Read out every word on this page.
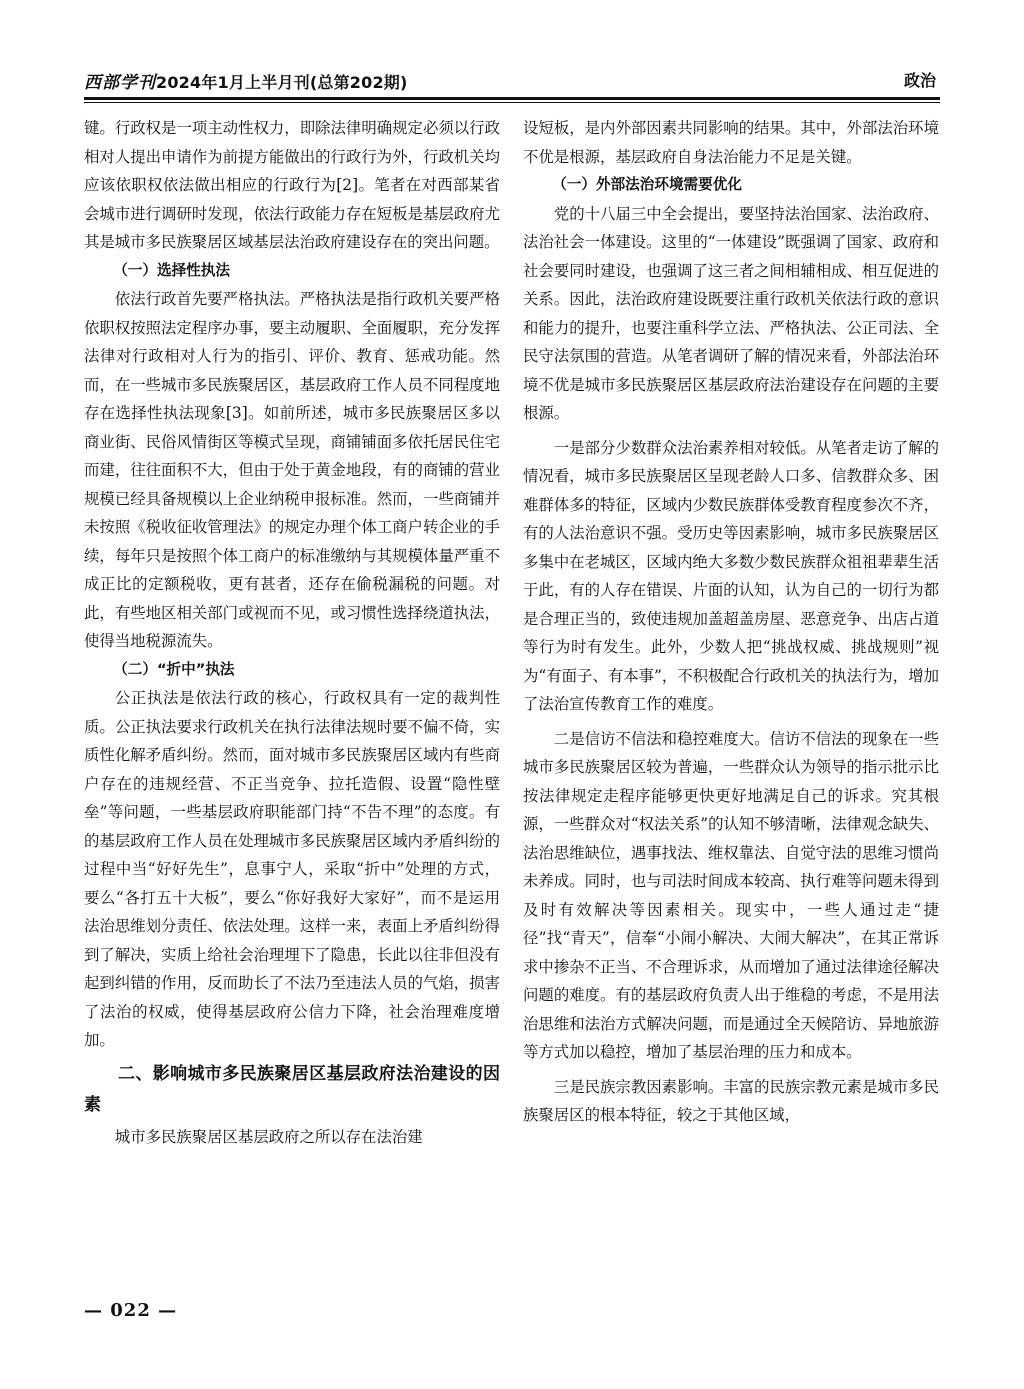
西部学刊2024年1月上半月刊(总第202期)	政治

键。行政权是一项主动性权力，即除法律明确规定必须以行政相对人提出申请作为前提方能做出的行政行为外，行政机关均应该依职权依法做出相应的行政行为[2]。笔者在对西部某省会城市进行调研时发现，依法行政能力存在短板是基层政府尤其是城市多民族聚居区域基层法治政府建设存在的突出问题。

（一）选择性执法

依法行政首先要严格执法。严格执法是指行政机关要严格依职权按照法定程序办事，要主动履职、全面履职，充分发挥法律对行政相对人行为的指引、评价、教育、惩戒功能。然而，在一些城市多民族聚居区，基层政府工作人员不同程度地存在选择性执法现象[3]。如前所述，城市多民族聚居区多以商业街、民俗风情街区等模式呈现，商铺铺面多依托居民住宅而建，往往面积不大，但由于处于黄金地段，有的商铺的营业规模已经具备规模以上企业纳税申报标准。然而，一些商铺并未按照《税收征收管理法》的规定办理个体工商户转企业的手续，每年只是按照个体工商户的标准缴纳与其规模体量严重不成正比的定额税收，更有甚者，还存在偷税漏税的问题。对此，有些地区相关部门或视而不见，或习惯性选择绕道执法，使得当地税源流失。

（二）“折中”执法

公正执法是依法行政的核心，行政权具有一定的裁判性质。公正执法要求行政机关在执行法律法规时要不偏不倚，实质性化解矛盾纠纷。然而，面对城市多民族聚居区域内有些商户存在的违规经营、不正当竞争、拉托造假、设置“隐性壁垒”等问题，一些基层政府职能部门持“不告不理”的态度。有的基层政府工作人员在处理城市多民族聚居区域内矛盾纠纷的过程中当“好好先生”，息事宁人，采取“折中”处理的方式，要么“各打五十大板”，要么“你好我好大家好”，而不是运用法治思维划分责任、依法处理。这样一来，表面上矛盾纠纷得到了解决，实质上给社会治理埋下了隐患，长此以往非但没有起到纠错的作用，反而助长了不法乃至违法人员的气焰，损害了法治的权威，使得基层政府公信力下降，社会治理难度增加。

二、影响城市多民族聚居区基层政府法治建设的因素

城市多民族聚居区基层政府之所以存在法治建

设短板，是内外部因素共同影响的结果。其中，外部法治环境不优是根源，基层政府自身法治能力不足是关键。

（一）外部法治环境需要优化

党的十八届三中全会提出，要坚持法治国家、法治政府、法治社会一体建设。这里的“一体建设”既强调了国家、政府和社会要同时建设，也强调了这三者之间相辅相成、相互促进的关系。因此，法治政府建设既要注重行政机关依法行政的意识和能力的提升，也要注重科学立法、严格执法、公正司法、全民守法氛围的营造。从笔者调研了解的情况来看，外部法治环境不优是城市多民族聚居区基层政府法治建设存在问题的主要根源。

一是部分少数群众法治素养相对较低。从笔者走访了解的情况看，城市多民族聚居区呈现老龄人口多、信教群众多、困难群体多的特征，区域内少数民族群体受教育程度参次不齐，有的人法治意识不强。受历史等因素影响，城市多民族聚居区多集中在老城区，区域内绝大多数少数民族群众祖祖辈辈生活于此，有的人存在错误、片面的认知，认为自己的一切行为都是合理正当的，致使违规加盖超盖房屋、恶意竞争、出店占道等行为时有发生。此外，少数人把“挑战权威、挑战规则”视为“有面子、有本事”，不积极配合行政机关的执法行为，增加了法治宣传教育工作的难度。

二是信访不信法和稳控难度大。信访不信法的现象在一些城市多民族聚居区较为普遍，一些群众认为领导的指示批示比按法律规定走程序能够更快更好地满足自己的诉求。究其根源，一些群众对“权法关系”的认知不够清晰，法律观念缺失、法治思维缺位，遇事找法、维权靠法、自觉守法的思维习惯尚未养成。同时，也与司法时间成本较高、执行难等问题未得到及时有效解决等因素相关。现实中，一些人通过走“捷径”找“青天”，信奉“小闹小解决、大闹大解决”，在其正常诉求中掺杂不正当、不合理诉求，从而增加了通过法律途径解决问题的难度。有的基层政府负责人出于维稳的考虑，不是用法治思维和法治方式解决问题，而是通过全天候陪访、异地旅游等方式加以稳控，增加了基层治理的压力和成本。

三是民族宗教因素影响。丰富的民族宗教元素是城市多民族聚居区的根本特征，较之于其他区域，

— 022 —
